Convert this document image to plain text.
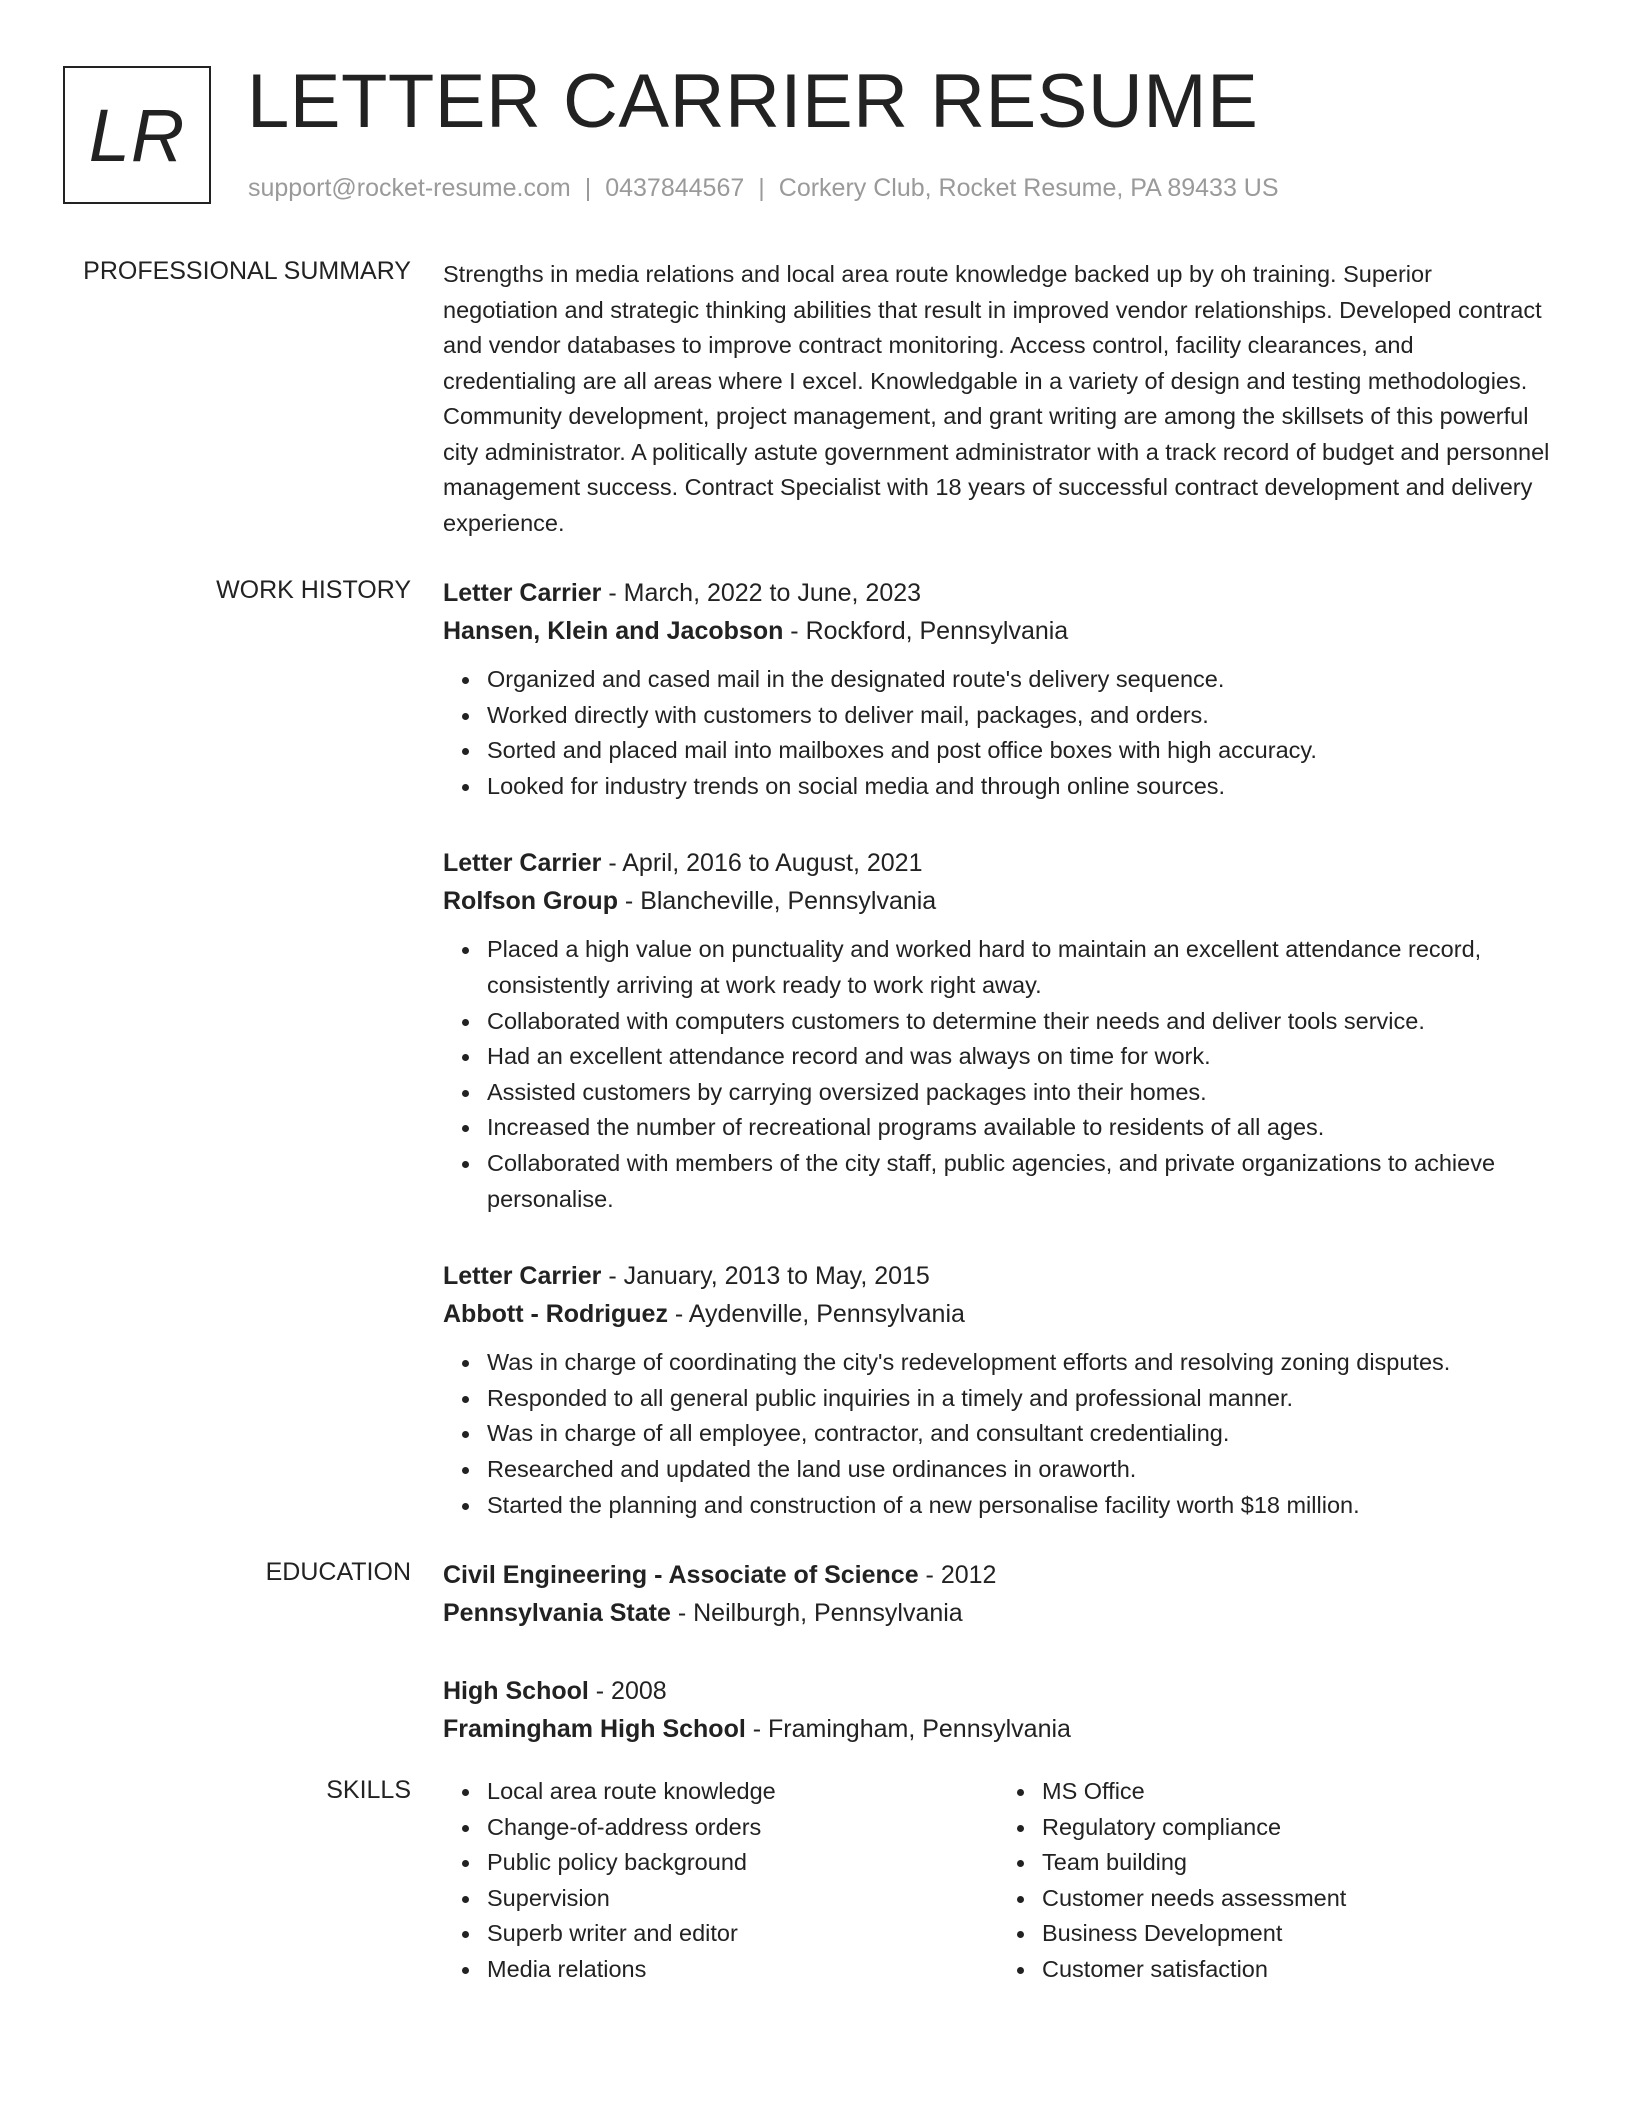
LR LETTER CARRIER RESUME
support@rocket-resume.com | 0437844567 | Corkery Club, Rocket Resume, PA 89433 US
PROFESSIONAL SUMMARY Strengths in media relations and local area route knowledge backed up by oh training. Superior negotiation and strategic thinking abilities that result in improved vendor relationships. Developed contract and vendor databases to improve contract monitoring. Access control, facility clearances, and credentialing are all areas where I excel. Knowledgable in a variety of design and testing methodologies. Community development, project management, and grant writing are among the skillsets of this powerful city administrator. A politically astute government administrator with a track record of budget and personnel management success. Contract Specialist with 18 years of successful contract development and delivery experience.

WORK HISTORY Letter Carrier - March, 2022 to June, 2023

Hansen, Klein and Jacobson - Rockford, Pennsylvania

Organized and cased mail in the designated route's delivery sequence.
Worked directly with customers to deliver mail, packages, and orders.
Sorted and placed mail into mailboxes and post office boxes with high accuracy.
Looked for industry trends on social media and through online sources.

Letter Carrier - April, 2016 to August, 2021

Rolfson Group - Blancheville, Pennsylvania

Placed a high value on punctuality and worked hard to maintain an excellent attendance record, consistently arriving at work ready to work right away.
Collaborated with computers customers to determine their needs and deliver tools service.
Had an excellent attendance record and was always on time for work.
Assisted customers by carrying oversized packages into their homes.
Increased the number of recreational programs available to residents of all ages.
Collaborated with members of the city staff, public agencies, and private organizations to achieve personalise.

Letter Carrier - January, 2013 to May, 2015

Abbott - Rodriguez - Aydenville, Pennsylvania

Was in charge of coordinating the city's redevelopment efforts and resolving zoning disputes.
Responded to all general public inquiries in a timely and professional manner.
Was in charge of all employee, contractor, and consultant credentialing.
Researched and updated the land use ordinances in oraworth.
Started the planning and construction of a new personalise facility worth $18 million.
EDUCATION Civil Engineering - Associate of Science - 2012

Pennsylvania State - Neilburgh, Pennsylvania

High School - 2008

Framingham High School - Framingham, Pennsylvania

SKILLS	Local area route knowledge
Change-of-address orders
Public policy background
Supervision
Superb writer and editor
Media relations
MS Office
Regulatory compliance
Team building
Customer needs assessment
Business Development
Customer satisfaction
